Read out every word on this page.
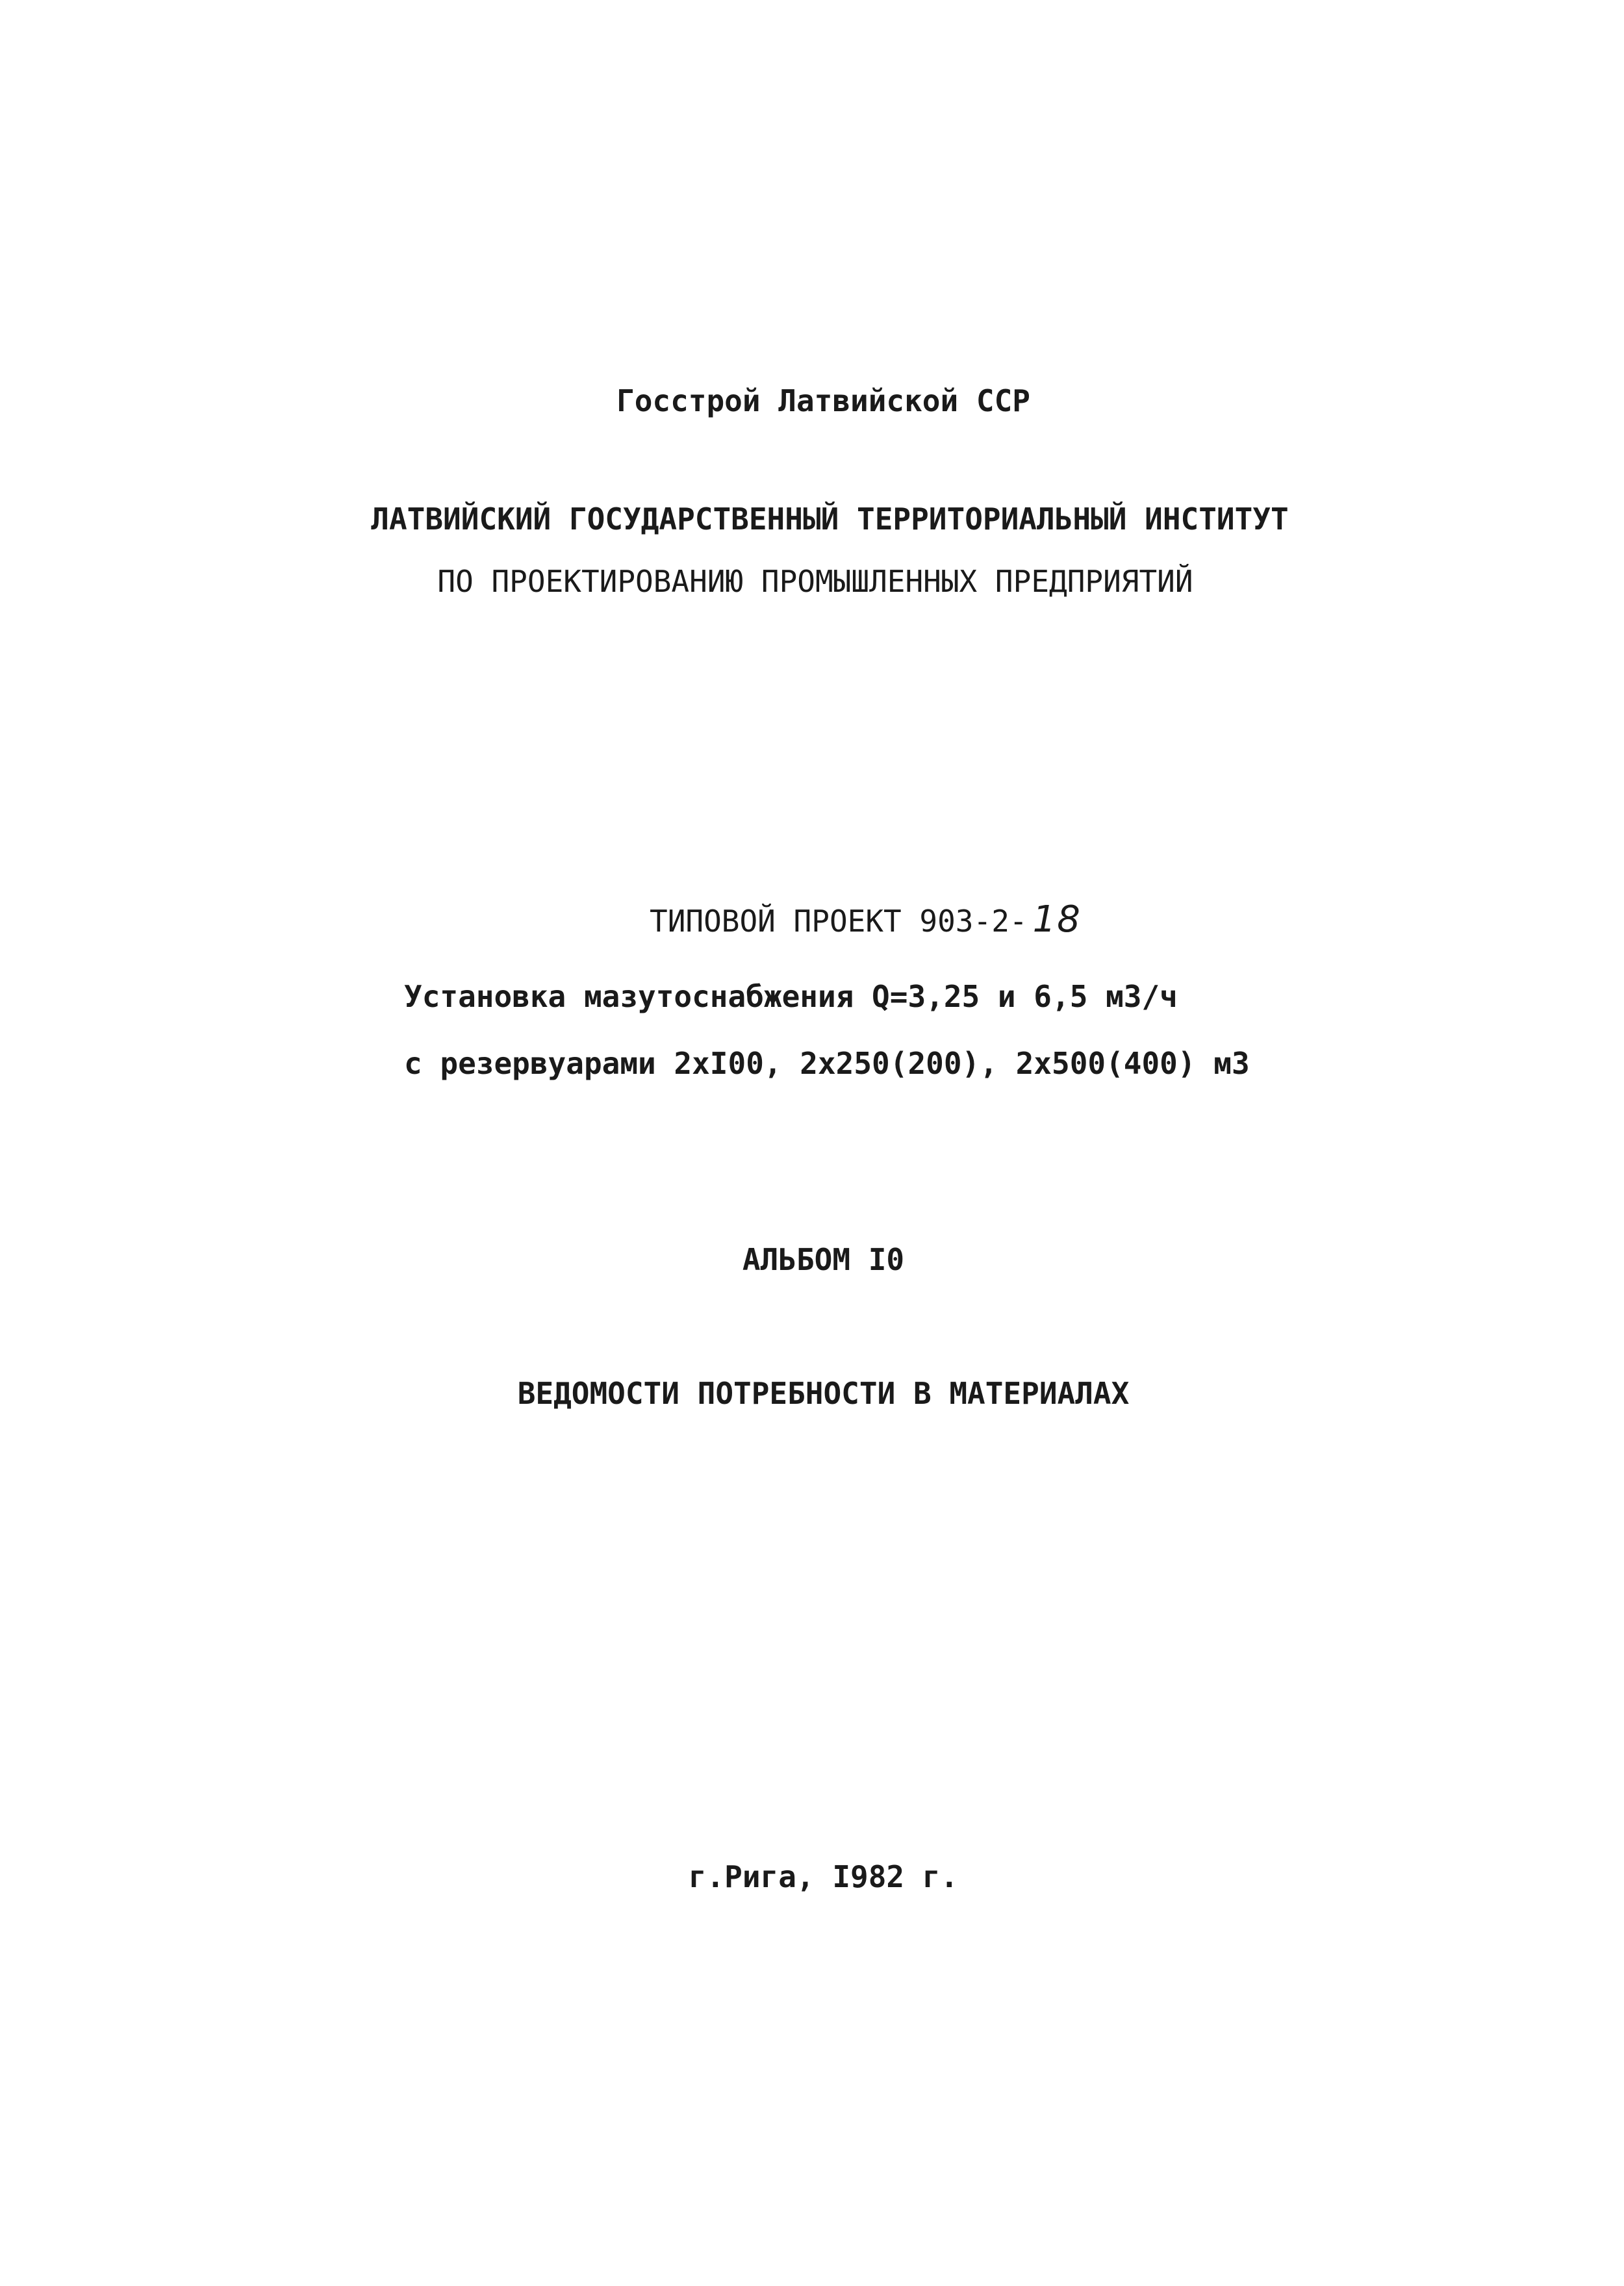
Госстрой Латвийской ССР
ЛАТВИЙСКИЙ ГОСУДАРСТВЕННЫЙ ТЕРРИТОРИАЛЬНЫЙ ИНСТИТУТ
ПО ПРОЕКТИРОВАНИЮ ПРОМЫШЛЕННЫХ ПРЕДПРИЯТИЙ
ТИПОВОЙ ПРОЕКТ 903-2- 18
Установка мазутоснабжения Q=3,25 и 6,5 м3/ч
с резервуарами 2хI00, 2х250(200), 2х500(400) м3
АЛЬБОМ I0
ВЕДОМОСТИ ПОТРЕБНОСТИ В МАТЕРИАЛАХ
г.Рига, I982 г.
